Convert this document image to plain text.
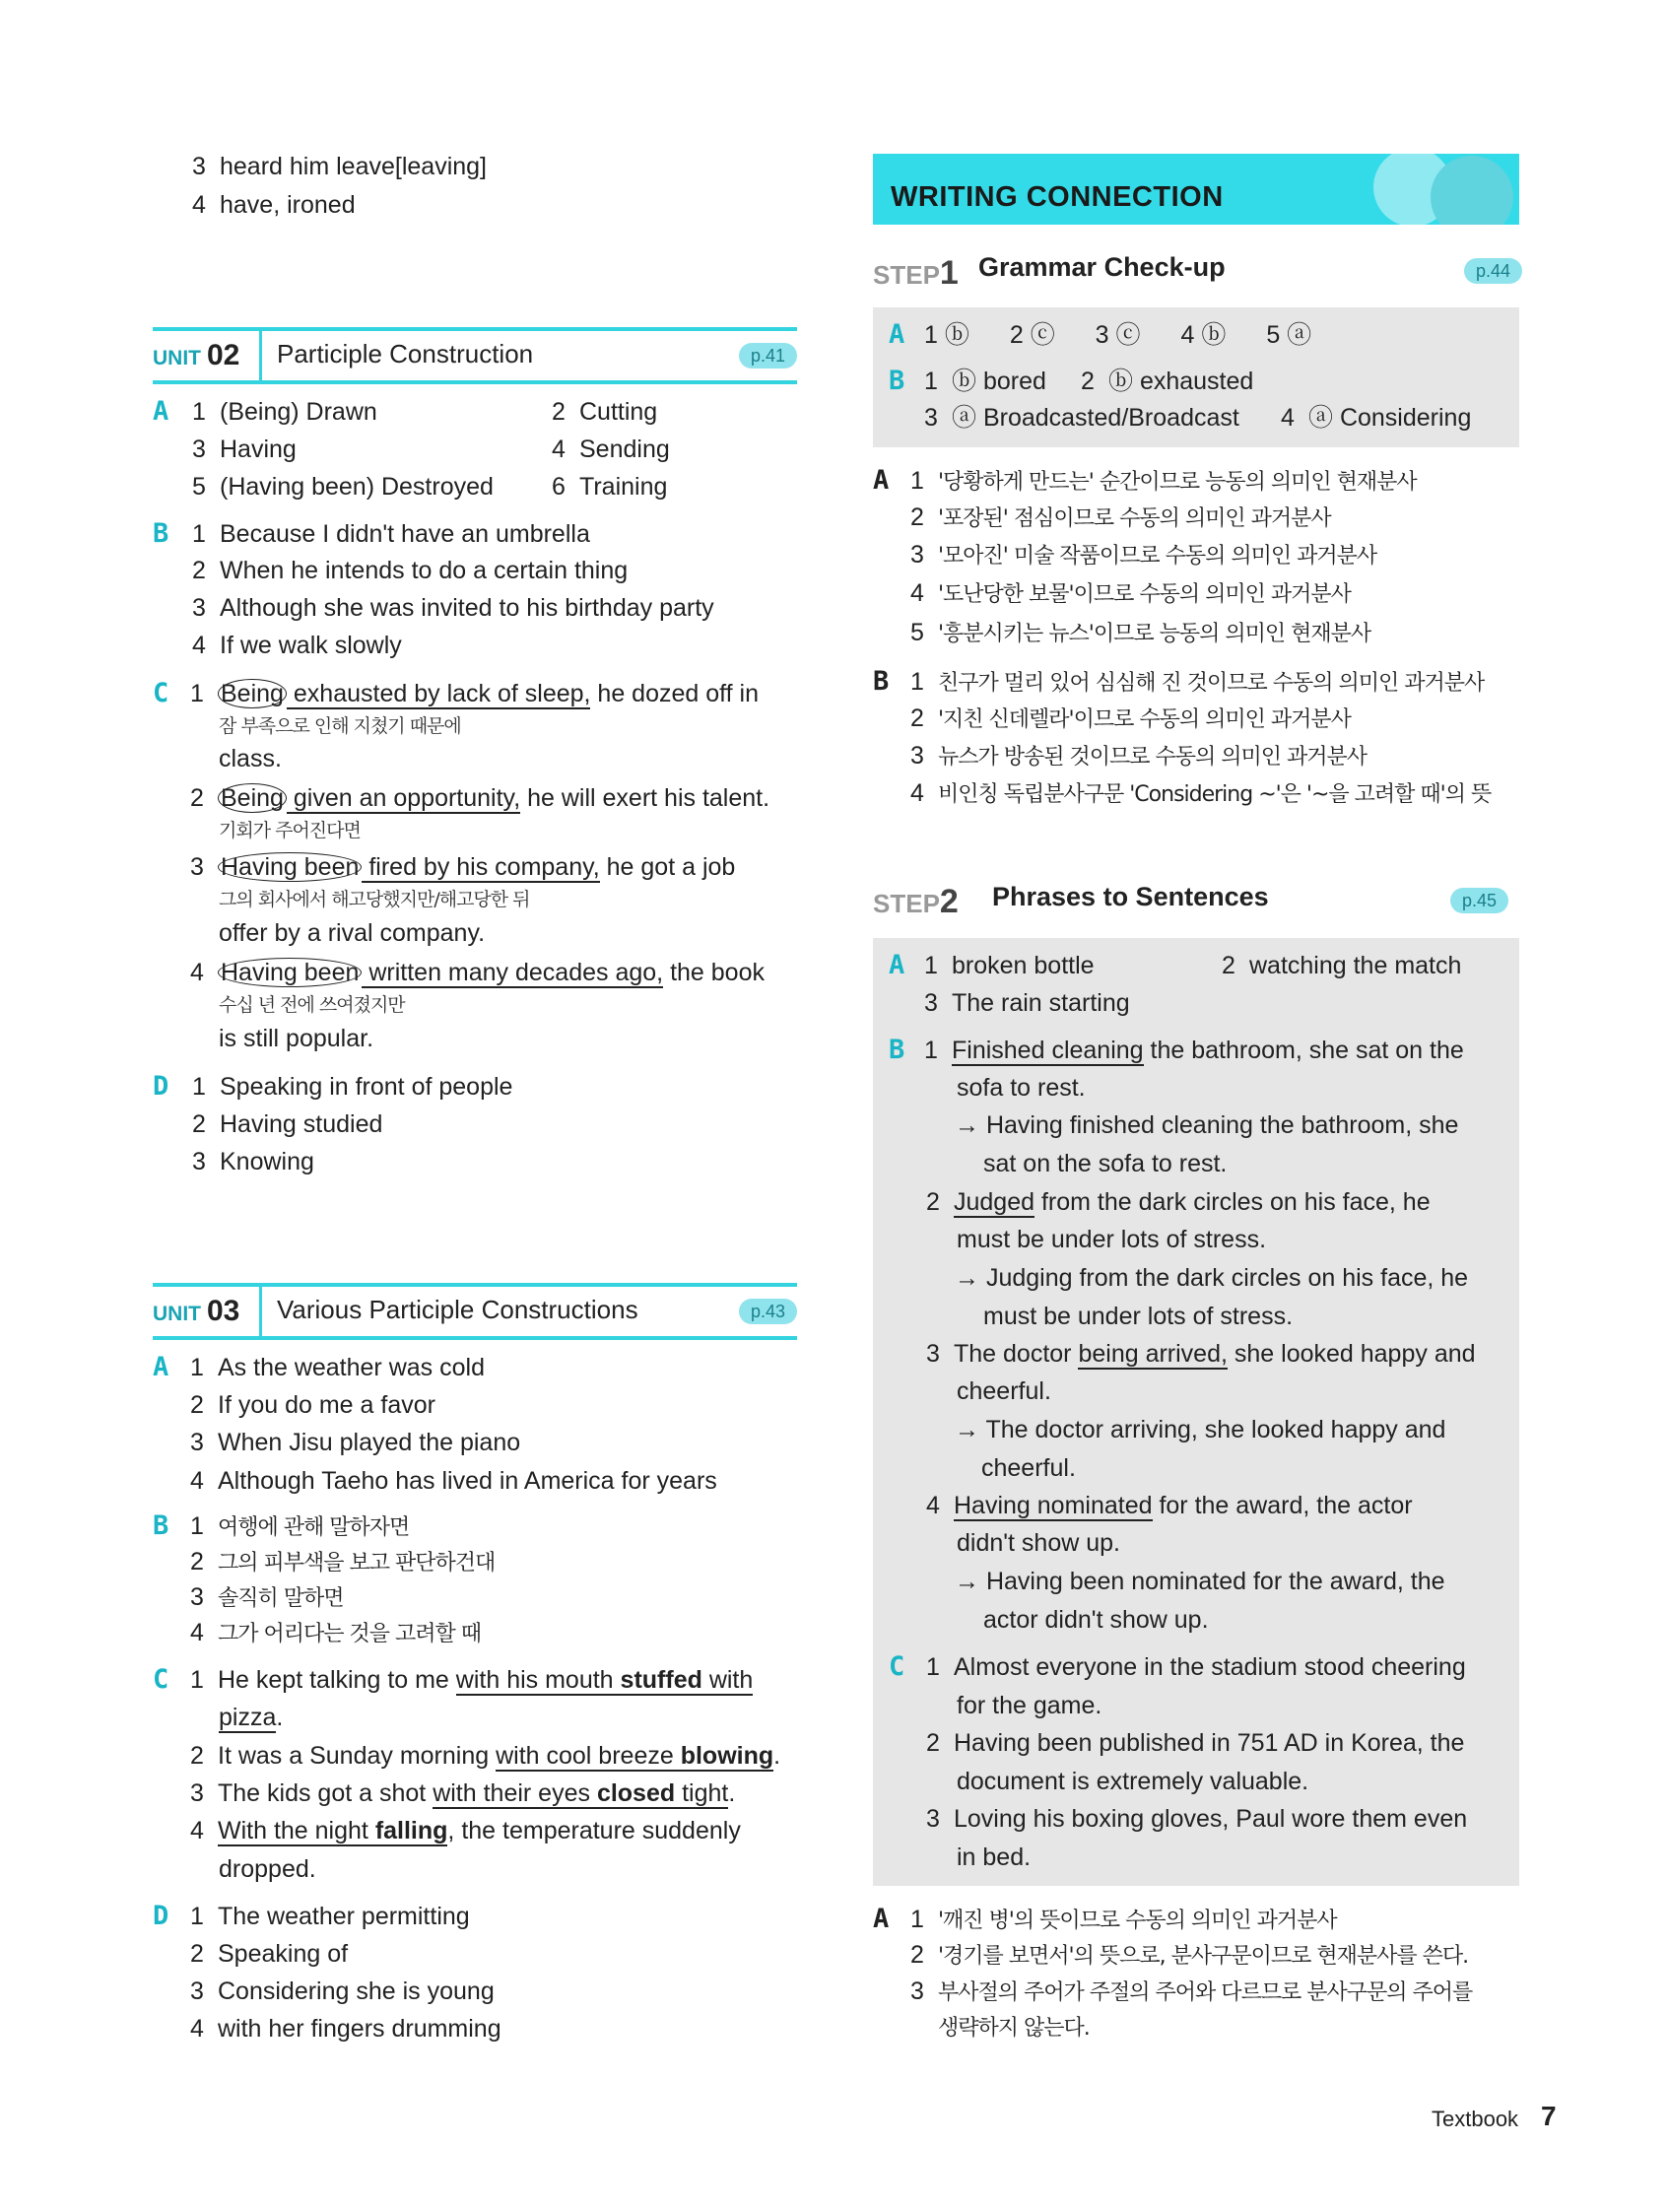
3 heard him leave[leaving]
4 have, ironed
UNIT 02 Participle Construction	p.41
A 1 (Being) Drawn	2 Cutting
3 Having	4 Sending
5 (Having been) Destroyed 6 Training
B 1 Because I didn't have an umbrella
2 When he intends to do a certain thing
3 Although she was invited to his birthday party
4 If we walk slowly
C 1 Being exhausted by lack of sleep, he dozed off in
잠 부족으로 인해 지쳤기 때문에
class.
2 Being given an opportunity, he will exert his talent.
기회가 주어진다면
3 Having been fired by his company, he got a job
그의 회사에서 해고당했지만/해고당한 뒤
offer by a rival company.
4 Having been written many decades ago, the book
수십 년 전에 쓰여졌지만
is still popular.
D 1 Speaking in front of people
2 Having studied
3 Knowing
UNIT 03 Various Participle Constructions	p.43
A 1 As the weather was cold
2 If you do me a favor
3 When Jisu played the piano
4 Although Taeho has lived in America for years
B 1 여행에 관해 말하자면
2 그의 피부색을 보고 판단하건대
3 솔직히 말하면
4 그가 어리다는 것을 고려할 때
C 1 He kept talking to me with his mouth stuffed with
pizza.
2 It was a Sunday morning with cool breeze blowing.
3 The kids got a shot with their eyes closed tight.
4 With the night falling, the temperature suddenly
dropped.
D 1 The weather permitting
2 Speaking of
3 Considering she is young
4 with her fingers drumming
WRITING CONNECTION
STEP1 Grammar Check-up	p.44
A 1 ⓑ 2 ⓒ 3 ⓒ 4 ⓑ 5 ⓐ
B 1 ⓑ bored 2 ⓑ exhausted
3 ⓐ Broadcasted/Broadcast 4 ⓐ Considering
A 1 '당황하게 만드는' 순간이므로 능동의 의미인 현재분사
2 '포장된' 점심이므로 수동의 의미인 과거분사
3 '모아진' 미술 작품이므로 수동의 의미인 과거분사
4 '도난당한 보물'이므로 수동의 의미인 과거분사
5 '흥분시키는 뉴스'이므로 능동의 의미인 현재분사
B 1 친구가 멀리 있어 심심해 진 것이므로 수동의 의미인 과거분사
2 '지친 신데렐라'이므로 수동의 의미인 과거분사
3 뉴스가 방송된 것이므로 수동의 의미인 과거분사
4 비인칭 독립분사구문 'Considering ~'은 '~을 고려할 때'의 뜻
STEP2 Phrases to Sentences	p.45
A 1 broken bottle	2 watching the match
3 The rain starting
B 1 Finished cleaning the bathroom, she sat on the
sofa to rest.
→ Having finished cleaning the bathroom, she
sat on the sofa to rest.
2 Judged from the dark circles on his face, he
must be under lots of stress.
→ Judging from the dark circles on his face, he
must be under lots of stress.
3 The doctor being arrived, she looked happy and
cheerful.
→ The doctor arriving, she looked happy and
cheerful.
4 Having nominated for the award, the actor
didn't show up.
→ Having been nominated for the award, the
actor didn't show up.
C 1 Almost everyone in the stadium stood cheering
for the game.
2 Having been published in 751 AD in Korea, the
document is extremely valuable.
3 Loving his boxing gloves, Paul wore them even
in bed.
A 1 '깨진 병'의 뜻이므로 수동의 의미인 과거분사
2 '경기를 보면서'의 뜻으로, 분사구문이므로 현재분사를 쓴다.
3 부사절의 주어가 주절의 주어와 다르므로 분사구문의 주어를
생략하지 않는다.
Textbook 7
